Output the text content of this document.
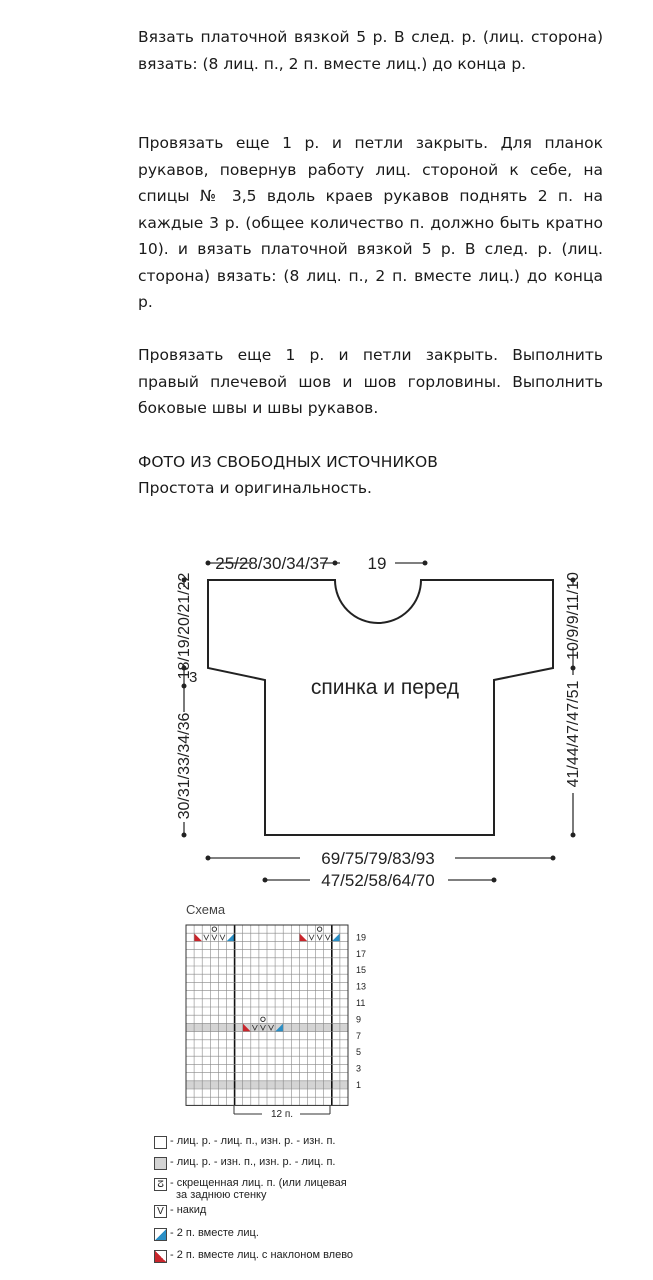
Вязать платочной вязкой 5 р. В след. р. (лиц. сторона) вязать: (8 лиц. п., 2 п. вместе лиц.) до конца р.

Провязать еще 1 р. и петли закрыть. Для планок рукавов, повернув работу лиц. стороной к себе, на спицы № 3,5 вдоль краев рукавов поднять 2 п. на каждые 3 р. (общее количество п. должно быть кратно 10). и вязать платочной вязкой 5 р. В след. р. (лиц. сторона) вязать: (8 лиц. п., 2 п. вместе лиц.) до конца р.

Провязать еще 1 р. и петли закрыть. Выполнить правый плечевой шов и шов горловины. Выполнить боковые швы и швы рукавов.

ФОТО ИЗ СВОБОДНЫХ ИСТОЧНИКОВ
Простота и оригинальность.
спинка и перед
25/28/30/34/37 19
18/19/20/21/22
3
30/31/33/34/36
10/9/9/11/10
41/44/47/47/51
69/75/79/83/93
47/52/58/64/70
Схема
19
17
15
13
11
9
7
5
3
1
12 п.
- лиц. р. - лиц. п., изн. р. - изн. п.
- лиц. р. - изн. п., изн. р. - лиц. п.
ⵒ - скрещенная лиц. п. (или лицевая
за заднюю стенку
V - накид
- 2 п. вместе лиц.
- 2 п. вместе лиц. с наклоном влево
